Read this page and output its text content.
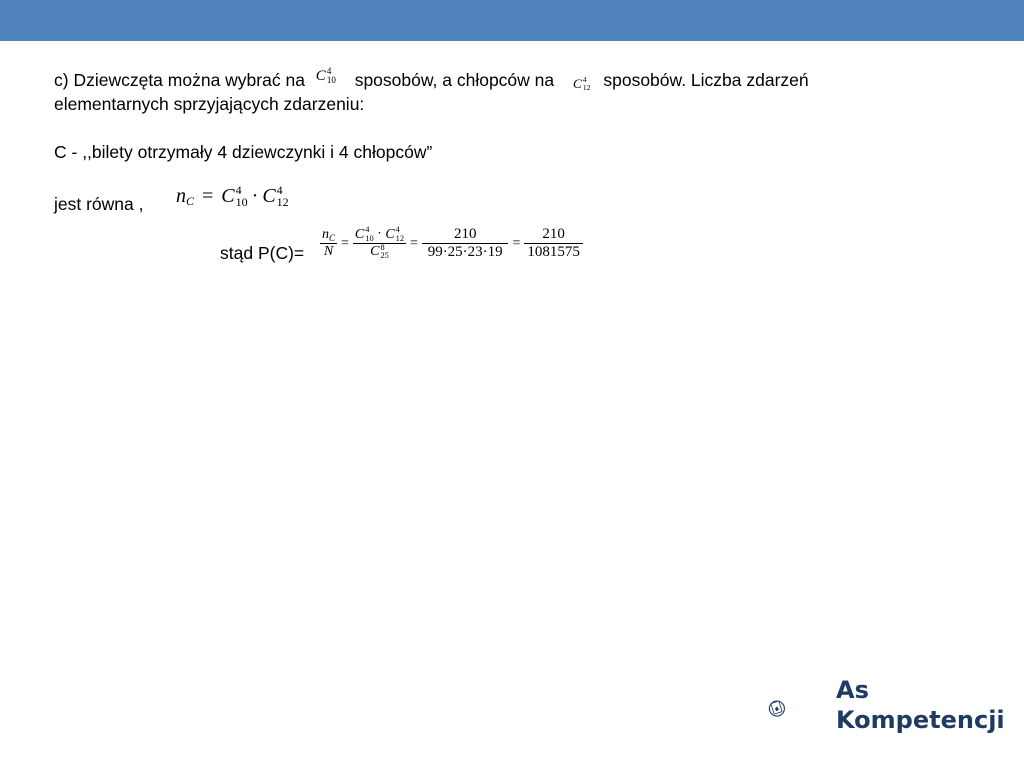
c) Dziewczęta można wybrać na C 4
10 sposobów, a chłopców na C 4
12 sposobów. Liczba zdarzeń
elementarnych sprzyjających zdarzeniu:
C - ,,bilety otrzymały 4 dziewczynki i 4 chłopców”
jest równa , n C = C 4
10 · C 4
12
stąd $P(C)= \frac{n_C}{N} = C$ 4
10 · C 4
12
C 8
$25 = \frac{210}{99\cdot 25\cdot 23\cdot 19} = \frac{210}{1081575}$
As
Kompetencji
